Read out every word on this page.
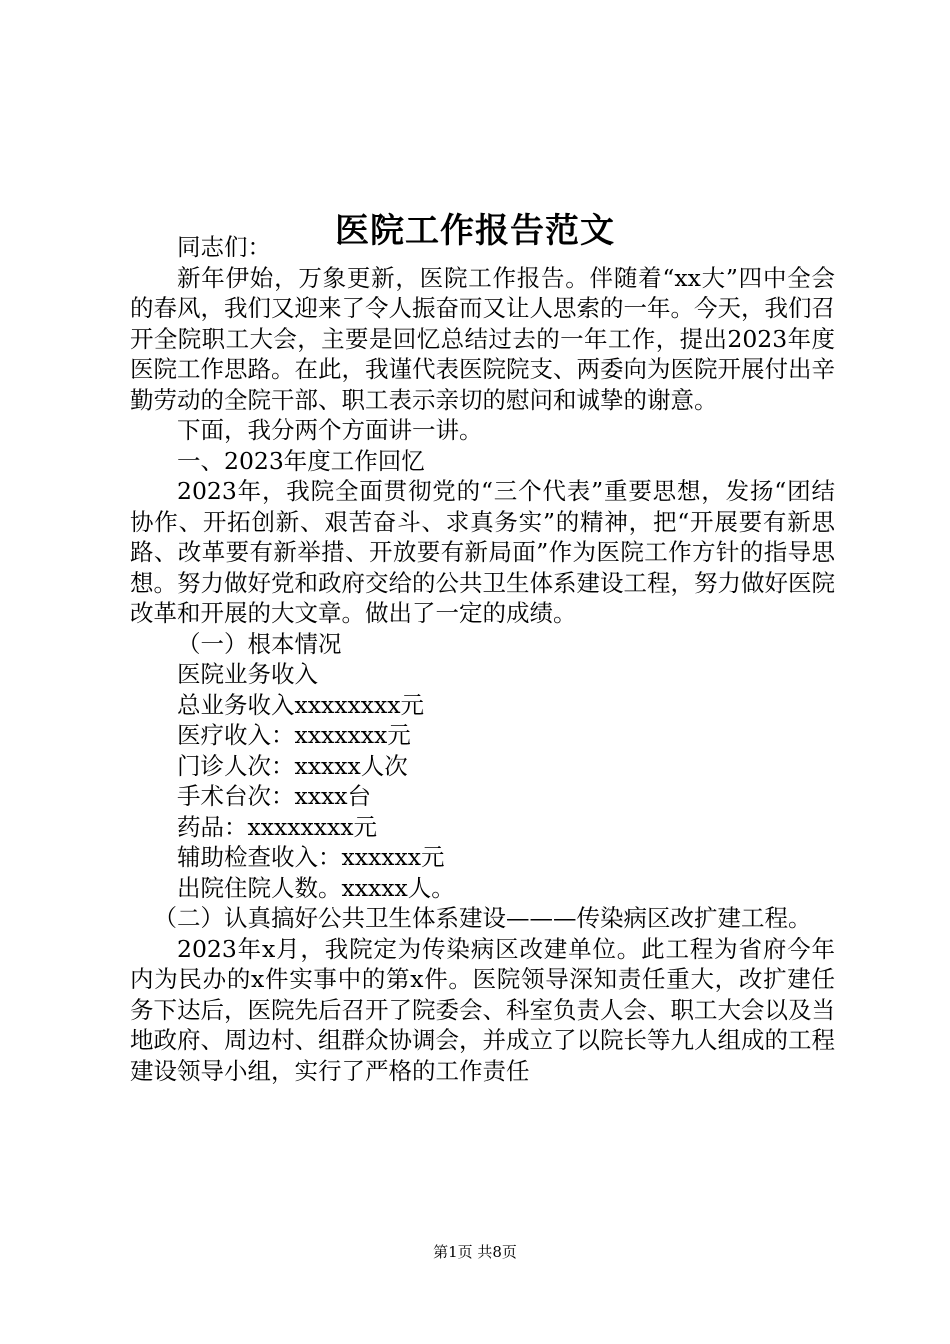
医院工作报告范文

同志们：

新年伊始，万象更新，医院工作报告。伴随着“xx大”四中全会的春风，我们又迎来了令人振奋而又让人思索的一年。今天，我们召开全院职工大会，主要是回忆总结过去的一年工作，提出2023年度医院工作思路。在此，我谨代表医院院支、两委向为医院开展付出辛勤劳动的全院干部、职工表示亲切的慰问和诚挚的谢意。

下面，我分两个方面讲一讲。

一、2023年度工作回忆

2023年，我院全面贯彻党的“三个代表”重要思想，发扬“团结协作、开拓创新、艰苦奋斗、求真务实”的精神，把“开展要有新思路、改革要有新举措、开放要有新局面”作为医院工作方针的指导思想。努力做好党和政府交给的公共卫生体系建设工程，努力做好医院改革和开展的大文章。做出了一定的成绩。

（一）根本情况

医院业务收入

总业务收入xxxxxxxx元

医疗收入：xxxxxxx元

门诊人次：xxxxx人次

手术台次：xxxx台

药品：xxxxxxxx元

辅助检查收入：xxxxxx元

出院住院人数。xxxxx人。

（二）认真搞好公共卫生体系建设———传染病区改扩建工程。

2023年x月，我院定为传染病区改建单位。此工程为省府今年内为民办的x件实事中的第x件。医院领导深知责任重大，改扩建任务下达后，医院先后召开了院委会、科室负责人会、职工大会以及当地政府、周边村、组群众协调会，并成立了以院长等九人组成的工程建设领导小组，实行了严格的工作责任

第1页 共8页
